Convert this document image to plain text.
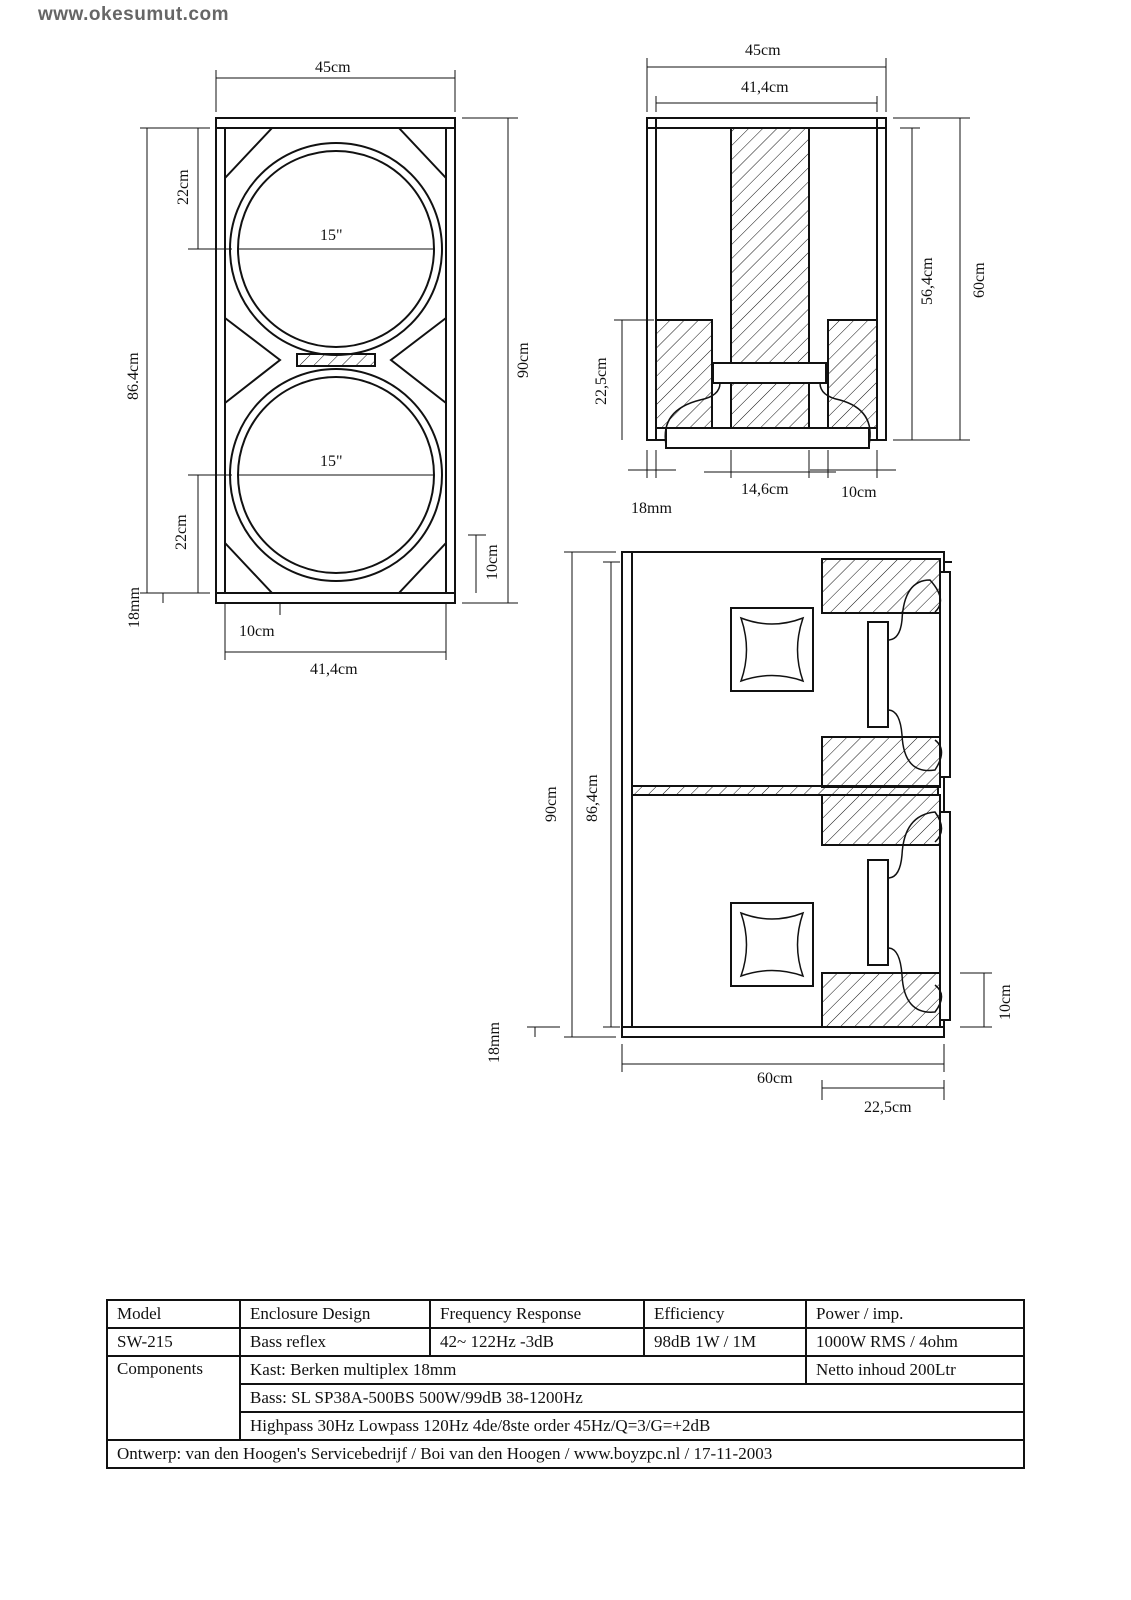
www.okesumut.com
15"
15"
45cm
41,4cm
10cm
86.4cm
22cm
22cm
18mm
90cm
10cm
45cm
41,4cm
56,4cm 60cm
22,5cm
18mm
14,6cm	10cm
90cm 86,4cm
18mm
60cm
22,5cm
10cm
Model	Enclosure Design	Frequency Response	Efficiency	Power / imp.
SW-215	Bass reflex	42~ 122Hz -3dB	98dB 1W / 1M	1000W RMS / 4ohm
Components	Kast: Berken multiplex 18mm			Netto inhoud 200Ltr
	Bass: SL SP38A-500BS 500W/99dB 38-1200Hz			
	Highpass 30Hz Lowpass 120Hz 4de/8ste order 45Hz/Q=3/G=+2dB			
Ontwerp: van den Hoogen's Servicebedrijf / Boi van den Hoogen / www.boyzpc.nl / 17-11-2003				
